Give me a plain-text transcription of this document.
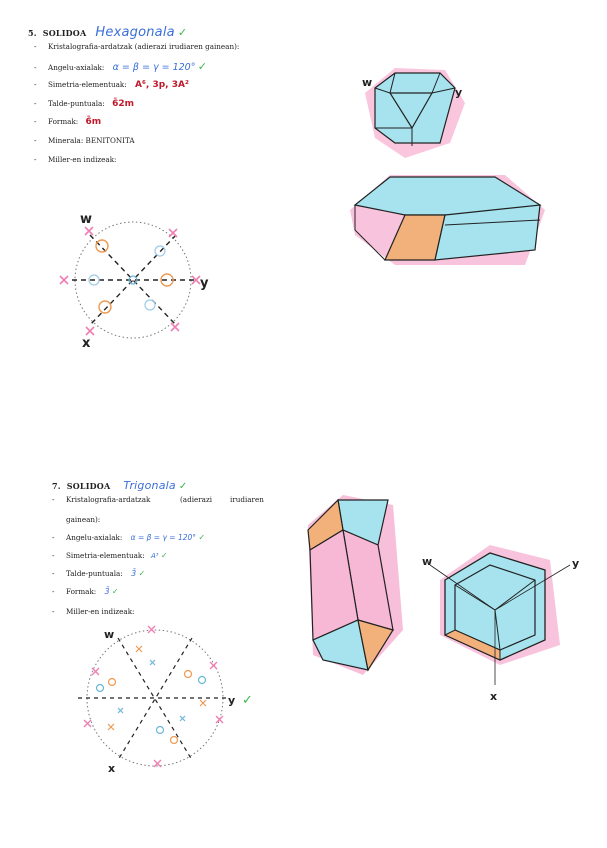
5. SOLIDOA Hexagonala ✓
- Kristalografia-ardatzak (adierazi irudiaren gainean):
- Angelu-axialak: α = β = γ = 120° ✓
- Simetria-elementuak: A⁶, 3p, 3A²
- Talde-puntuala: 6̄2m
- Formak: 6̄m
- Minerala: BENITONITA
- Miller-en indizeak:
w
y
x
w
y
7. SOLIDOA Trigonala ✓
- Kristalografia-ardatzak	(adierazi irudiaren
gainean):
- Angelu-axialak: α = β = γ = 120° ✓
- Simetria-elementuak: A³ ✓
- Talde-puntuala: 3̄ ✓
- Formak: 3̄ ✓
- Miller-en indizeak:
w
y ✓
x
w	y
x
